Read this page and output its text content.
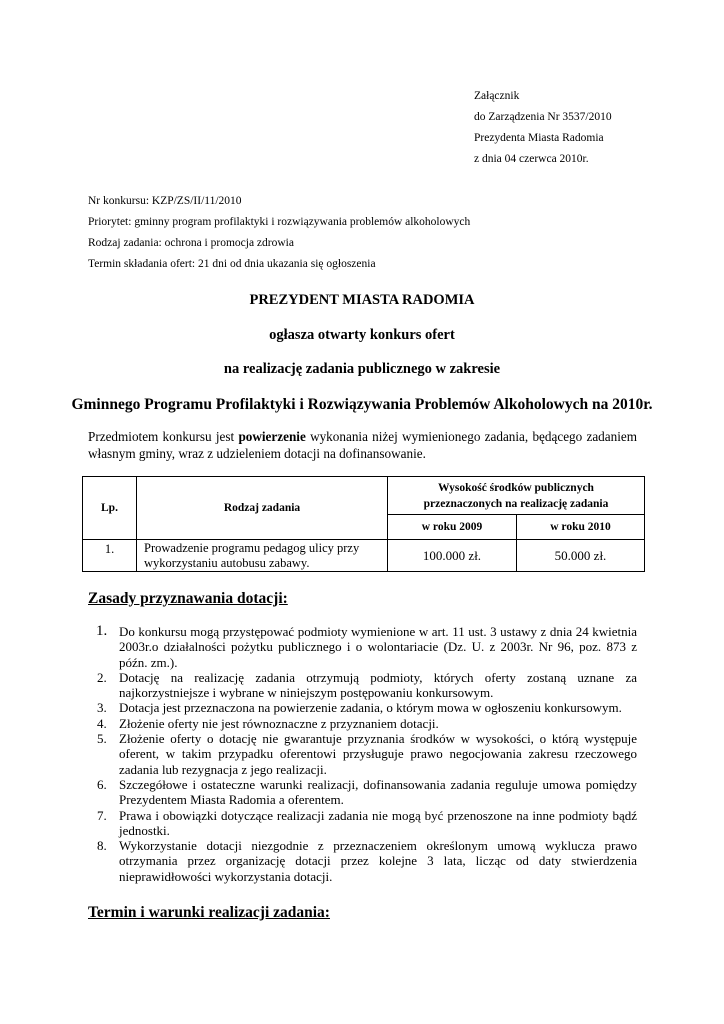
Załącznik
do Zarządzenia Nr 3537/2010
Prezydenta Miasta Radomia
z dnia 04 czerwca 2010r.
Nr konkursu: KZP/ZS/II/11/2010
Priorytet: gminny program profilaktyki i rozwiązywania problemów alkoholowych
Rodzaj zadania: ochrona i promocja zdrowia
Termin składania ofert: 21 dni od dnia ukazania się ogłoszenia
PREZYDENT MIASTA RADOMIA
ogłasza otwarty konkurs ofert
na realizację zadania publicznego w zakresie
Gminnego Programu Profilaktyki i Rozwiązywania Problemów Alkoholowych na 2010r.
Przedmiotem konkursu jest powierzenie wykonania niżej wymienionego zadania, będącego zadaniem własnym gminy, wraz z udzieleniem dotacji na dofinansowanie.
Lp.	Rodzaj zadania	Wysokość środków publicznych
przeznaczonych na realizację zadania	

		w roku 2009	w roku 2010
1.	Prowadzenie programu pedagog ulicy przy
wykorzystaniu autobusu zabawy.	100.000 zł.	50.000 zł.
Zasady przyznawania dotacji:
1. Do konkursu mogą przystępować podmioty wymienione w art. 11 ust. 3 ustawy z dnia 24 kwietnia 2003r.o działalności pożytku publicznego i o wolontariacie (Dz. U. z 2003r. Nr 96, poz. 873 z późn. zm.).
2. Dotację na realizację zadania otrzymują podmioty, których oferty zostaną uznane za najkorzystniejsze i wybrane w niniejszym postępowaniu konkursowym.
3. Dotacja jest przeznaczona na powierzenie zadania, o którym mowa w ogłoszeniu konkursowym.
4. Złożenie oferty nie jest równoznaczne z przyznaniem dotacji.
5. Złożenie oferty o dotację nie gwarantuje przyznania środków w wysokości, o którą występuje oferent, w takim przypadku oferentowi przysługuje prawo negocjowania zakresu rzeczowego zadania lub rezygnacja z jego realizacji.
6. Szczegółowe i ostateczne warunki realizacji, dofinansowania zadania reguluje umowa pomiędzy Prezydentem Miasta Radomia a oferentem.
7. Prawa i obowiązki dotyczące realizacji zadania nie mogą być przenoszone na inne podmioty bądź jednostki.
8. Wykorzystanie dotacji niezgodnie z przeznaczeniem określonym umową wyklucza prawo otrzymania przez organizację dotacji przez kolejne 3 lata, licząc od daty stwierdzenia nieprawidłowości wykorzystania dotacji.
Termin i warunki realizacji zadania:
